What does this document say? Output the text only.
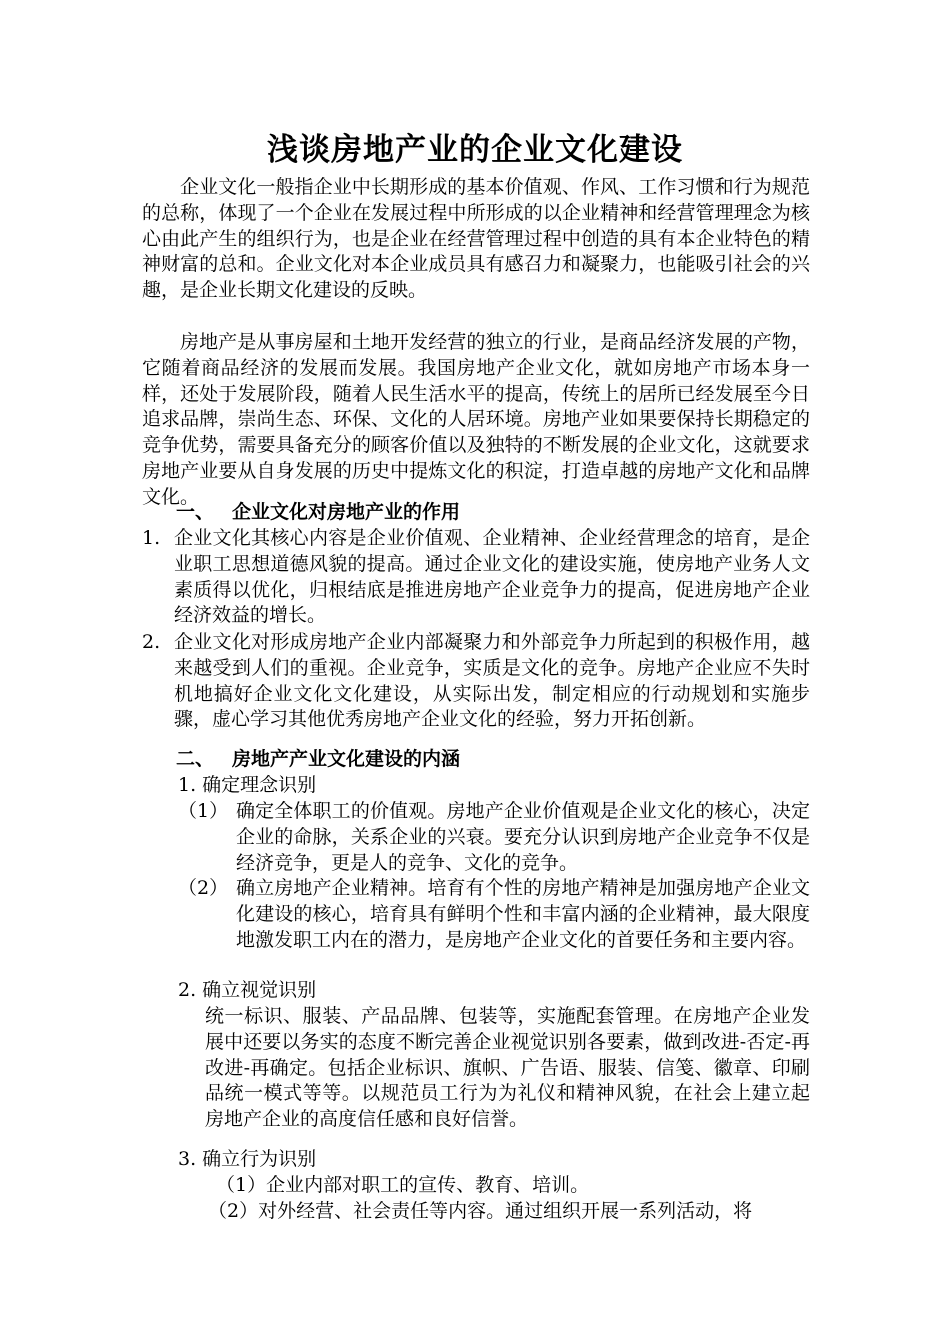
浅谈房地产业的企业文化建设

企业文化一般指企业中长期形成的基本价值观、作风、工作习惯和行为规范的总称，体现了一个企业在发展过程中所形成的以企业精神和经营管理理念为核心由此产生的组织行为，也是企业在经营管理过程中创造的具有本企业特色的精神财富的总和。企业文化对本企业成员具有感召力和凝聚力，也能吸引社会的兴趣，是企业长期文化建设的反映。

房地产是从事房屋和土地开发经营的独立的行业，是商品经济发展的产物，它随着商品经济的发展而发展。我国房地产企业文化，就如房地产市场本身一样，还处于发展阶段，随着人民生活水平的提高，传统上的居所已经发展至今日追求品牌，崇尚生态、环保、文化的人居环境。房地产业如果要保持长期稳定的竞争优势，需要具备充分的顾客价值以及独特的不断发展的企业文化，这就要求房地产业要从自身发展的历史中提炼文化的积淀，打造卓越的房地产文化和品牌文化。

一、 企业文化对房地产业的作用
1. 企业文化其核心内容是企业价值观、企业精神、企业经营理念的培育，是企业职工思想道德风貌的提高。通过企业文化的建设实施，使房地产业务人文素质得以优化，归根结底是推进房地产企业竞争力的提高，促进房地产企业经济效益的增长。

2. 企业文化对形成房地产企业内部凝聚力和外部竞争力所起到的积极作用，越来越受到人们的重视。企业竞争，实质是文化的竞争。房地产企业应不失时机地搞好企业文化文化建设，从实际出发，制定相应的行动规划和实施步骤，虚心学习其他优秀房地产企业文化的经验，努力开拓创新。

二、 房地产产业文化建设的内涵
1. 确定理念识别
（1） 确定全体职工的价值观。房地产企业价值观是企业文化的核心，决定企业的命脉，关系企业的兴衰。要充分认识到房地产企业竞争不仅是经济竞争，更是人的竞争、文化的竞争。

（2） 确立房地产企业精神。培育有个性的房地产精神是加强房地产企业文化建设的核心，培育具有鲜明个性和丰富内涵的企业精神，最大限度地激发职工内在的潜力，是房地产企业文化的首要任务和主要内容。

2. 确立视觉识别

统一标识、服装、产品品牌、包装等，实施配套管理。在房地产企业发展中还要以务实的态度不断完善企业视觉识别各要素，做到改进-否定-再改进-再确定。包括企业标识、旗帜、广告语、服装、信笺、徽章、印刷品统一模式等等。以规范员工行为为礼仪和精神风貌，在社会上建立起房地产企业的高度信任感和良好信誉。

3. 确立行为识别
（1）企业内部对职工的宣传、教育、培训。
（2）对外经营、社会责任等内容。通过组织开展一系列活动，将
